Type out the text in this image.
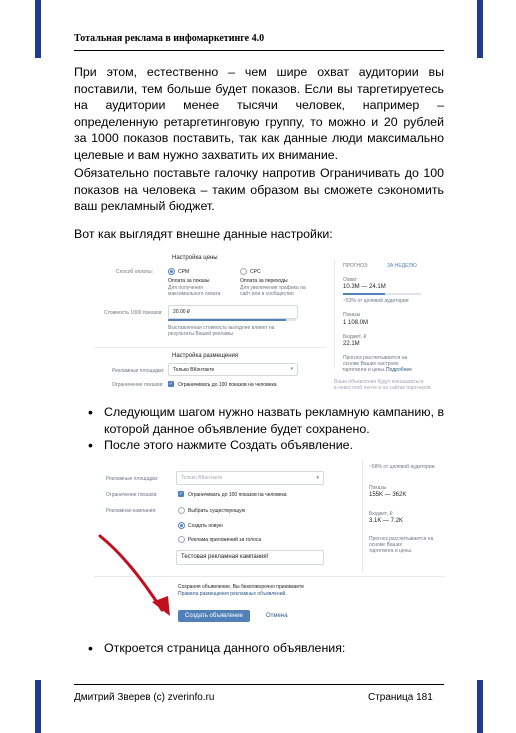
Тотальная реклама в инфомаркетинге 4.0
При этом, естественно – чем шире охват аудитории вы поставили, тем больше будет показов. Если вы таргетируетесь на аудитории менее тысячи человек, например – определенную ретаргетинговую группу, то можно и 20 рублей за 1000 показов поставить, так как данные люди максимально целевые и вам нужно захватить их внимание.
Обязательно поставьте галочку напротив Ограничивать до 100 показов на человека – таким образом вы сможете сэкономить ваш рекламный бюджет.
Вот как выглядят внешне данные настройки:
Настройка цены
Способ оплаты:	CPM
Оплата за показы
Для получения
максимального охвата
CPC
Оплата за переходы
Для увеличения трафика на
сайт или в сообщество
Стоимость 1000 показов: 20.00 ₽
Выставленная стоимость выгоднее влияет на
результаты Вашей рекламы
Настройка размещения
Рекламные площадки: Только ВКонтакте	▾
Ограничение показов: ✓ Ограничивать до 100 показов на человека
ПРОГНОЗ:	ЗА НЕДЕЛЮ
Охват
10.3M — 24.1M
~53% от целевой аудитории
Показы
1 108.0M
Бюджет, ₽
22.1M
Прогноз рассчитывается на
основе Ваших настроек
таргетинга и цены. Подробнее
Ваши объявления будут показываться
в новостной ленте и на сайтах партнеров
• Следующим шагом нужно назвать рекламную кампанию, в которой данное объявление будет сохранено.
• После этого нажмите Создать объявление.
Рекламные площадки:	Только ВКонтакте	▾
Ограничение показов:	✓ Ограничивать до 100 показов на человека
Рекламная кампания:	Выбрать существующую
Создать новую
Реклама приложений за голоса
Тестовая рекламная кампания!
Сохраняя объявление, Вы безоговорочно принимаете
Правила размещения рекламных объявлений.
Создать объявление	Отмена
~58% от целевой аудитории
Показы
155K — 362K
Бюджет, ₽
3.1K — 7.2K
Прогноз рассчитывается на
основе Ваших
таргетинга и цены.
• Откроется страница данного объявления:
Дмитрий Зверев (c) zverinfo.ru	Страница 181
